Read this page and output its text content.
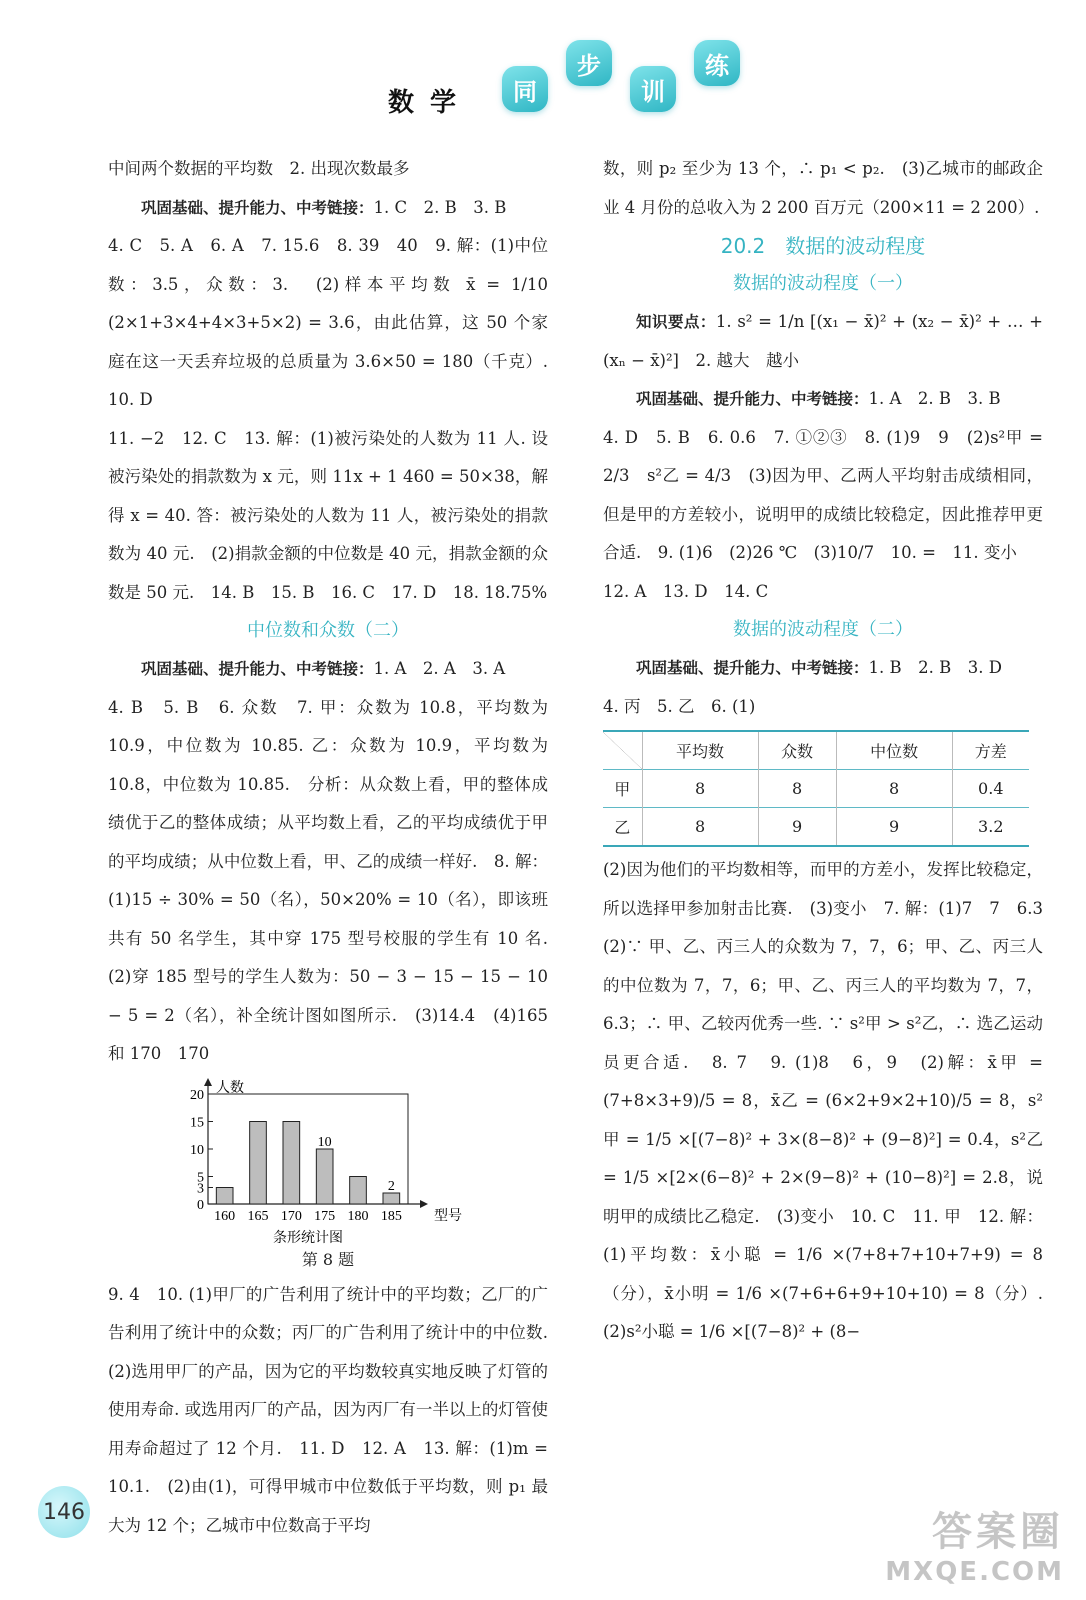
数学	同
步
训
练

中间两个数据的平均数　2. 出现次数最多

巩固基础、提升能力、中考链接：1. C　2. B　3. B

4. C　5. A　6. A　7. 15.6　8. 39　40　9. 解：(1)中位数：3.5，众数：3.　(2)样本平均数 x̄ = 1/10 (2×1+3×4+4×3+5×2) = 3.6，由此估算，这 50 个家庭在这一天丢弃垃圾的总质量为 3.6×50 = 180（千克）.　10. D

11. −2　12. C　13. 解：(1)被污染处的人数为 11 人. 设被污染处的捐款数为 x 元，则 11x + 1 460 = 50×38，解得 x = 40. 答：被污染处的人数为 11 人，被污染处的捐款数为 40 元.　(2)捐款金额的中位数是 40 元，捐款金额的众数是 50 元.　14. B　15. B　16. C　17. D　18. 18.75%

中位数和众数（二）

巩固基础、提升能力、中考链接：1. A　2. A　3. A

4. B　5. B　6. 众数　7. 甲：众数为 10.8，平均数为 10.9，中位数为 10.85. 乙：众数为 10.9，平均数为 10.8，中位数为 10.85.　分析：从众数上看，甲的整体成绩优于乙的整体成绩；从平均数上看，乙的平均成绩优于甲的平均成绩；从中位数上看，甲、乙的成绩一样好.　8. 解：(1)15 ÷ 30% = 50（名），50×20% = 10（名），即该班共有 50 名学生，其中穿 175 型号校服的学生有 10 名.　(2)穿 185 型号的学生人数为：50 − 3 − 15 − 15 − 10 − 5 = 2（名），补全统计图如图所示.　(3)14.4　(4)165 和 170　170

0
3
5
10
15
20 人数
型号
160 165 170 175
10
180 185
2
条形统计图
第 8 题

9. 4　10. (1)甲厂的广告利用了统计中的平均数；乙厂的广告利用了统计中的众数；丙厂的广告利用了统计中的中位数.　(2)选用甲厂的产品，因为它的平均数较真实地反映了灯管的使用寿命. 或选用丙厂的产品，因为丙厂有一半以上的灯管使用寿命超过了 12 个月.　11. D　12. A　13. 解：(1)m = 10.1.　(2)由(1)，可得甲城市中位数低于平均数，则 p₁ 最大为 12 个；乙城市中位数高于平均

数，则 p₂ 至少为 13 个，∴ p₁ < p₂.　(3)乙城市的邮政企业 4 月份的总收入为 2 200 百万元（200×11 = 2 200）.

20.2　数据的波动程度
数据的波动程度（一）

知识要点：1. s² = 1/n [(x₁ − x̄)² + (x₂ − x̄)² + … + (xₙ − x̄)²]　2. 越大　越小

巩固基础、提升能力、中考链接：1. A　2. B　3. B

4. D　5. B　6. 0.6　7. ①②③　8. (1)9　9　(2)s²甲 = 2/3　s²乙 = 4/3　(3)因为甲、乙两人平均射击成绩相同，但是甲的方差较小，说明甲的成绩比较稳定，因此推荐甲更合适.　9. (1)6　(2)26 ℃　(3)10/7　10. =　11. 变小

12. A　13. D　14. C

数据的波动程度（二）

巩固基础、提升能力、中考链接：1. B　2. B　3. D

4. 丙　5. 乙　6. (1)

	平均数	众数	中位数	方差
甲	8	8	8	0.4
乙	8	9	9	3.2

(2)因为他们的平均数相等，而甲的方差小，发挥比较稳定，所以选择甲参加射击比赛.　(3)变小　7. 解：(1)7　7　6.3　(2)∵ 甲、乙、丙三人的众数为 7，7，6；甲、乙、丙三人的中位数为 7，7，6；甲、乙、丙三人的平均数为 7，7，6.3；∴ 甲、乙较丙优秀一些. ∵ s²甲 > s²乙，∴ 选乙运动员更合适.　8. 7　9. (1)8　6，9　(2)解：x̄甲 = (7+8×3+9)/5 = 8，x̄乙 = (6×2+9×2+10)/5 = 8，s²甲 = 1/5 ×[(7−8)² + 3×(8−8)² + (9−8)²] = 0.4，s²乙 = 1/5 ×[2×(6−8)² + 2×(9−8)² + (10−8)²] = 2.8，说明甲的成绩比乙稳定.　(3)变小　10. C　11. 甲　12. 解：(1)平均数：x̄小聪 = 1/6 ×(7+8+7+10+7+9) = 8（分），x̄小明 = 1/6 ×(7+6+6+9+10+10) = 8（分）.　(2)s²小聪 = 1/6 ×[(7−8)² + (8−

146	答案圈
MXQE.COM
